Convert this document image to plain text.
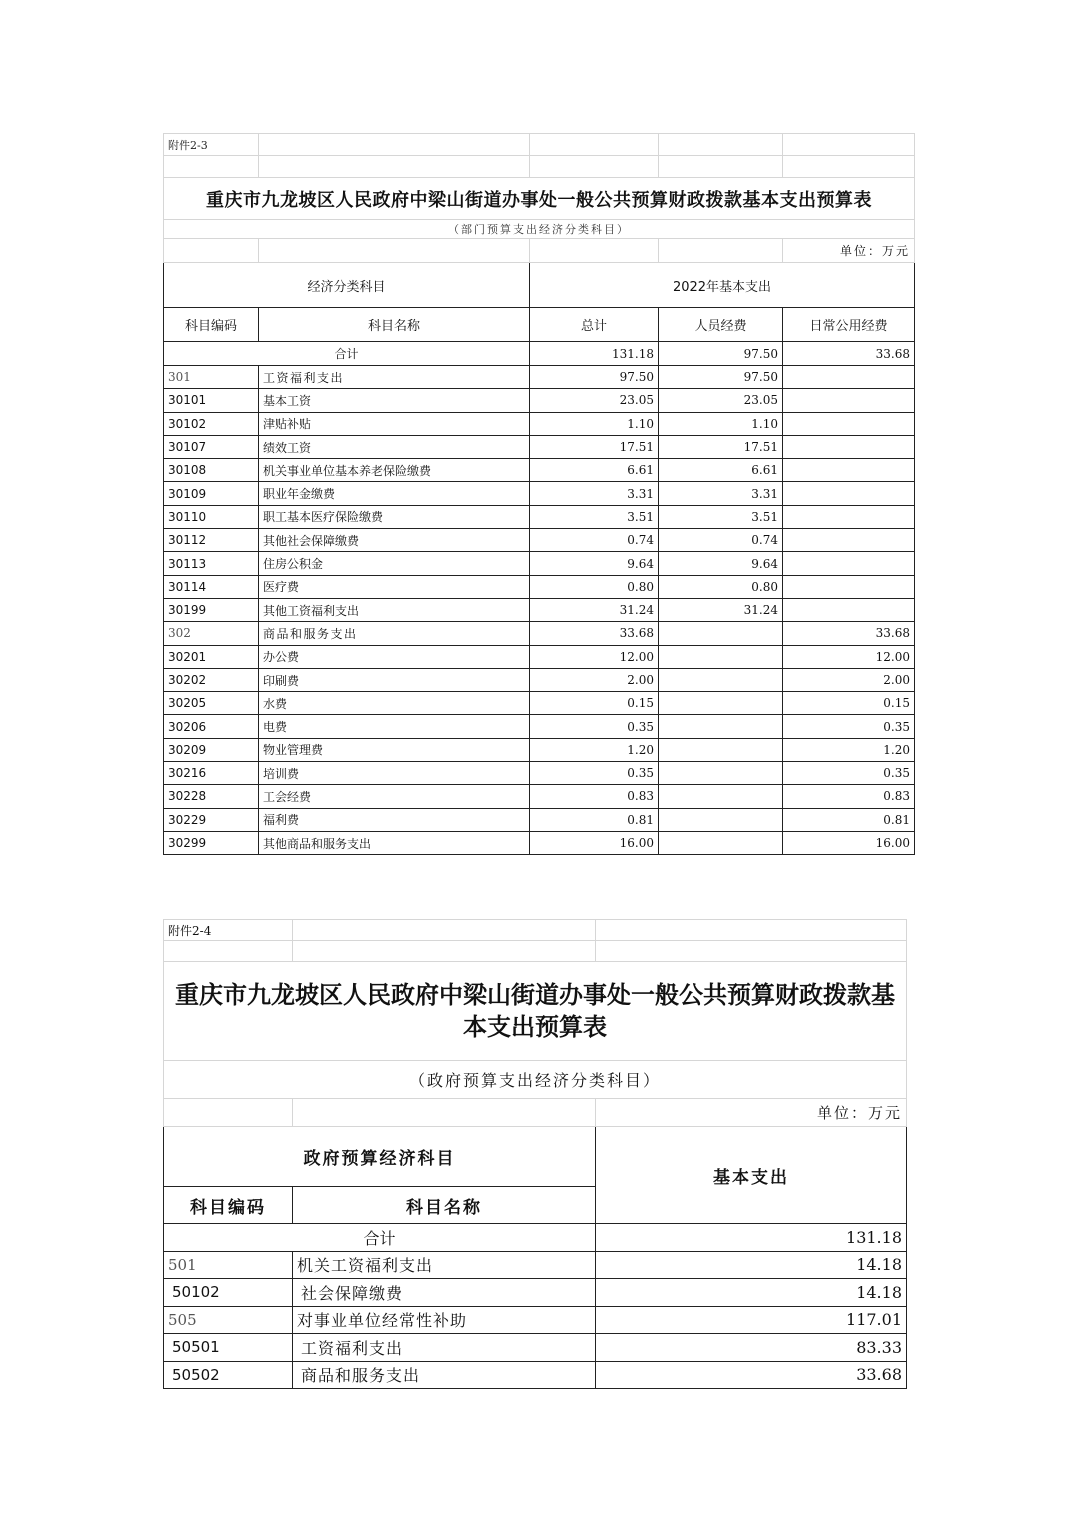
附件2-3				

重庆市九龙坡区人民政府中梁山街道办事处一般公共预算财政拨款基本支出预算表				
（部门预算支出经济分类科目）				
				单位：万元
经济分类科目		2022年基本支出		
科目编码	科目名称	总计	人员经费	日常公用经费
合计		131.18	97.50	33.68
301	工资福利支出	97.50	97.50	
30101	基本工资	23.05	23.05	
30102	津贴补贴	1.10	1.10	
30107	绩效工资	17.51	17.51	
30108	机关事业单位基本养老保险缴费	6.61	6.61	
30109	职业年金缴费	3.31	3.31	
30110	职工基本医疗保险缴费	3.51	3.51	
30112	其他社会保障缴费	0.74	0.74	
30113	住房公积金	9.64	9.64	
30114	医疗费	0.80	0.80	
30199	其他工资福利支出	31.24	31.24	
302	商品和服务支出	33.68		33.68
30201	办公费	12.00		12.00
30202	印刷费	2.00		2.00
30205	水费	0.15		0.15
30206	电费	0.35		0.35
30209	物业管理费	1.20		1.20
30216	培训费	0.35		0.35
30228	工会经费	0.83		0.83
30229	福利费	0.81		0.81
30299	其他商品和服务支出	16.00		16.00
附件2-4		

重庆市九龙坡区人民政府中梁山街道办事处一般公共预算财政拨款基本支出预算表		
（政府预算支出经济分类科目）		
		单位：万元
政府预算经济科目		基本支出
科目编码	科目名称	
合计		131.18
501	机关工资福利支出	14.18
50102	社会保障缴费	14.18
505	对事业单位经常性补助	117.01
50501	工资福利支出	83.33
50502	商品和服务支出	33.68
